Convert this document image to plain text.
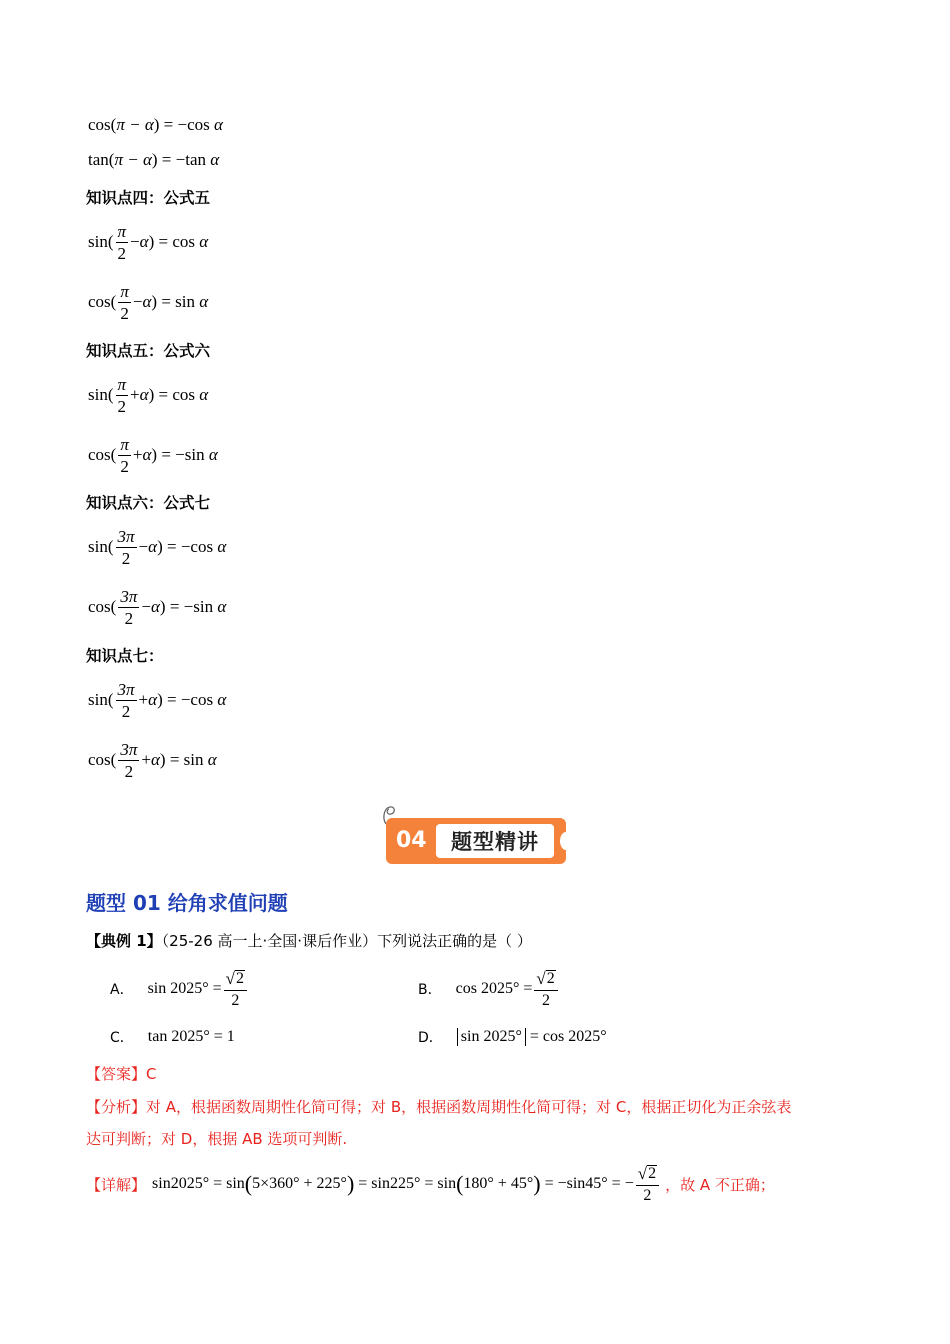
cos ( π − α ) = − cos
α
tan ( π − α ) = − tan
α
知识点四：公式五
sin ( $\frac{\pi}{2} - \alpha$ ) = cos
α
cos ( $\frac{\pi}{2} - \alpha$ ) = sin
α
知识点五：公式六
sin ( $\frac{\pi}{2} + \alpha$ ) = cos
α
cos ( $\frac{\pi}{2} + \alpha$ ) = − sin
α
知识点六：公式七
sin ( $\frac{3\pi}{2} - \alpha$ ) = − cos
α
cos ( $\frac{3\pi}{2} - \alpha$ ) = − sin
α
知识点七：
sin ( $\frac{3\pi}{2} + \alpha$ ) = − cos
α
cos ( $\frac{3\pi}{2} + \alpha$ ) = sin
α
04	题型精讲
题型 01 给角求值问题
【典例 1】（25-26 高一上·全国·课后作业）下列说法正确的是（ ）
A． $\sin 2025^\circ = \frac{√ 2}{2}$	B． $\cos 2025^\circ = \frac{√ 2}{2}$
C． tan 2025° = 1	D． sin 2025°
= cos 2025°
【答案】C
【分析】对 A，根据函数周期性化简可得；对 B，根据函数周期性化简可得；对 C，根据正切化为正余弦表
达可判断；对 D，根据 AB 选项可判断.
【详解】 sin2025° = sin ( 5×360° + 225° )
= sin225° = sin ( 180° + 45° )
= −sin45° = − $\frac{√ 2}{2}$ ，故 A 不正确；
